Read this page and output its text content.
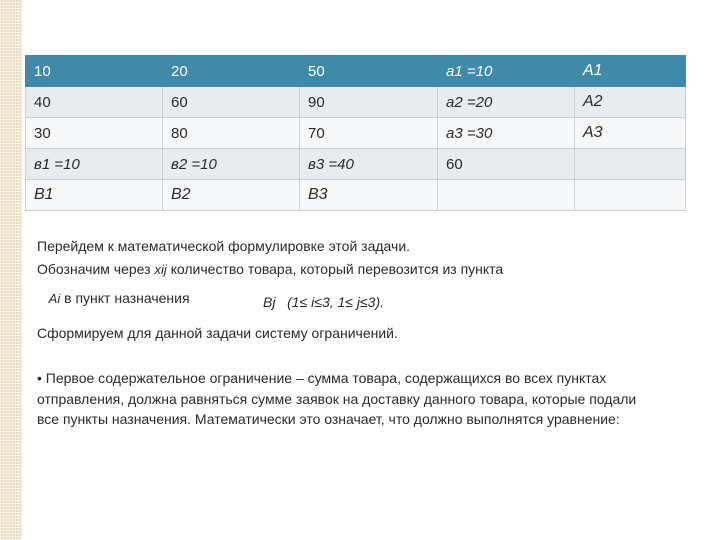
10	20	50	a1 =10	A1
40	60	90	a2 =20	A2
30	80	70	a3 =30	A3
в1 =10	в2 =10	в3 =40	60	
B1	B2	B3		
Перейдем к математической формулировке этой задачи.
Обозначим через xij количество товара, который перевозится из пункта
Ai в пункт назначения	Bj (1≤ i≤3, 1≤ j≤3).
Сформируем для данной задачи систему ограничений.
• Первое содержательное ограничение – сумма товара, содержащихся во всех пунктах отправления, должна равняться сумме заявок на доставку данного товара, которые подали все пункты назначения. Математически это означает, что должно выполнятся уравнение:
